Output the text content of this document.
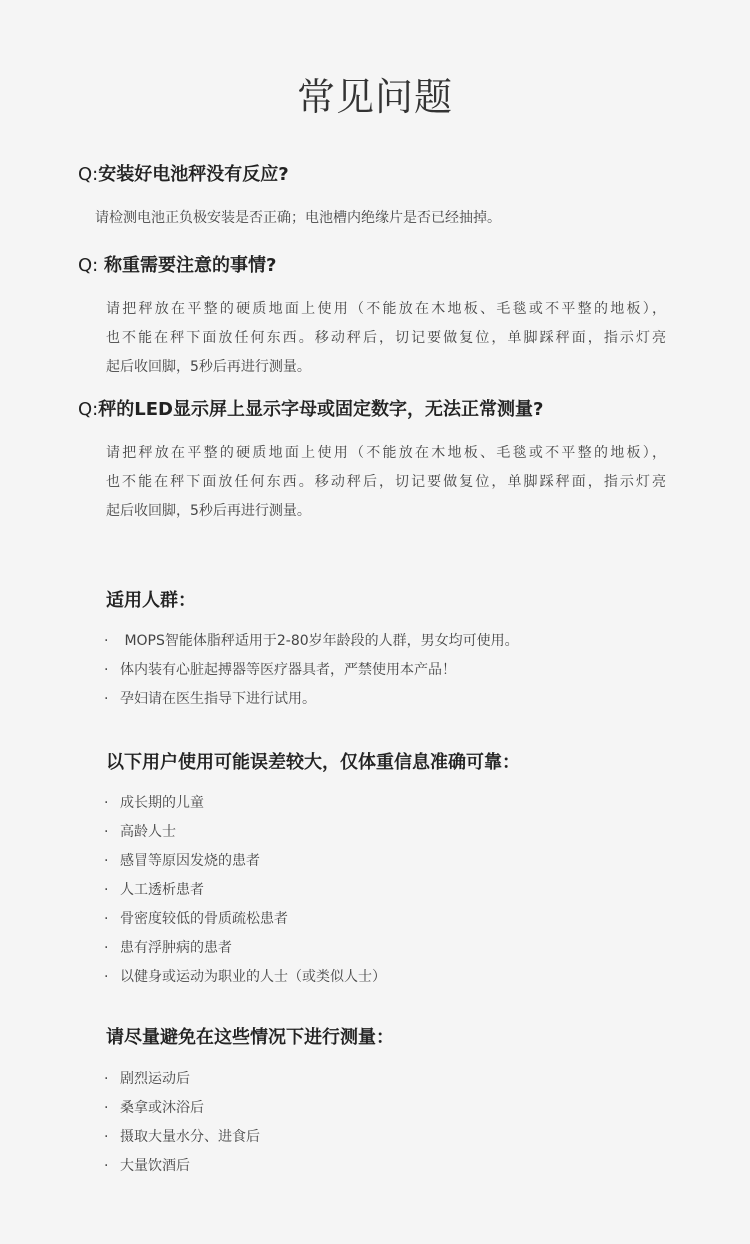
常见问题
Q:安装好电池秤没有反应?
请检测电池正负极安装是否正确；电池槽内绝缘片是否已经抽掉。
Q: 称重需要注意的事情?
请把秤放在平整的硬质地面上使用（不能放在木地板、毛毯或不平整的地板），
也不能在秤下面放任何东西。移动秤后，切记要做复位，单脚踩秤面，指示灯亮
起后收回脚，5秒后再进行测量。
Q:秤的LED显示屏上显示字母或固定数字，无法正常测量?
请把秤放在平整的硬质地面上使用（不能放在木地板、毛毯或不平整的地板），
也不能在秤下面放任何东西。移动秤后，切记要做复位，单脚踩秤面，指示灯亮
起后收回脚，5秒后再进行测量。
适用人群：
· MOPS智能体脂秤适用于2-80岁年龄段的人群，男女均可使用。
· 体内装有心脏起搏器等医疗器具者，严禁使用本产品！
· 孕妇请在医生指导下进行试用。
以下用户使用可能误差较大，仅体重信息准确可靠：
· 成长期的儿童
· 高龄人士
· 感冒等原因发烧的患者
· 人工透析患者
· 骨密度较低的骨质疏松患者
· 患有浮肿病的患者
· 以健身或运动为职业的人士（或类似人士）
请尽量避免在这些情况下进行测量：
· 剧烈运动后
· 桑拿或沐浴后
· 摄取大量水分、进食后
· 大量饮酒后
